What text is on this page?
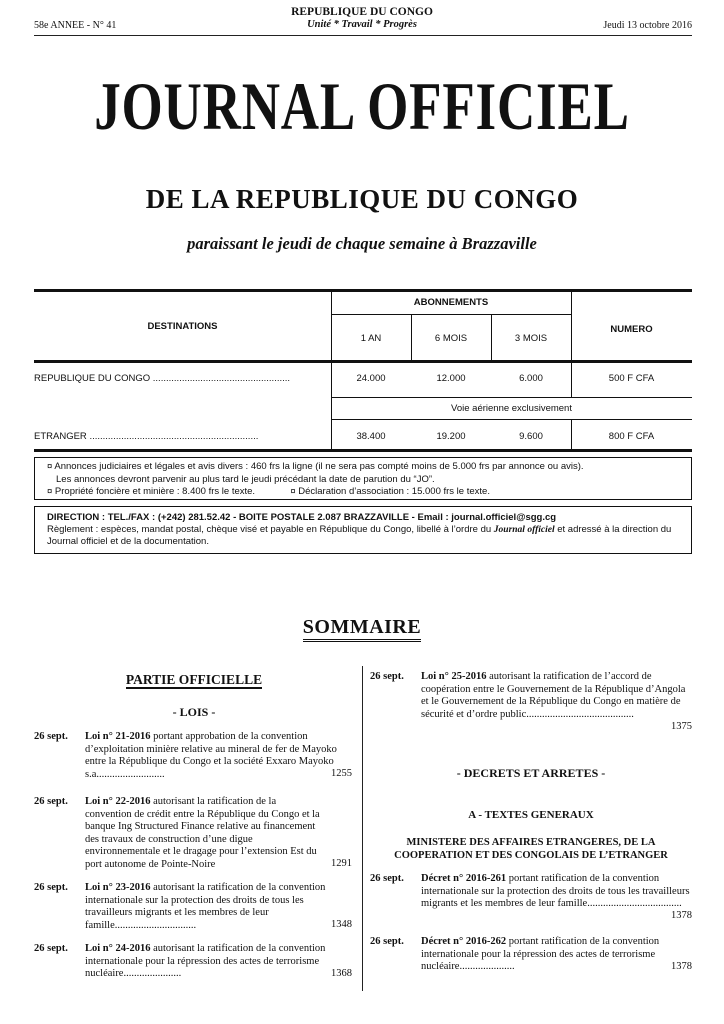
58e ANNEE - N° 41
REPUBLIQUE DU CONGO
Unité * Travail * Progrès	Jeudi 13 octobre 2016
JOURNAL OFFICIEL
DE LA REPUBLIQUE DU CONGO
paraissant le jeudi de chaque semaine à Brazzaville
DESTINATIONS
ABONNEMENTS
1 AN	6 MOIS	3 MOIS
NUMERO
REPUBLIQUE DU CONGO ....................................................	24.000	12.000	6.000	500 F CFA
Voie aérienne exclusivement
ETRANGER ................................................................	38.400	19.200	9.600	800 F CFA
¤ Annonces judiciaires et légales et avis divers : 460 frs la ligne (il ne sera pas compté moins de 5.000 frs par annonce ou avis).
Les annonces devront parvenir au plus tard le jeudi précédant la date de parution du “JO”.
¤ Propriété foncière et minière : 8.400 frs le texte.	¤ Déclaration d’association : 15.000 frs le texte.
DIRECTION : TEL./FAX : (+242) 281.52.42 - BOITE POSTALE 2.087 BRAZZAVILLE - Email : journal.officiel@sgg.cg
Règlement : espèces, mandat postal, chèque visé et payable en République du Congo, libellé à l’ordre du Journal officiel et adressé à la direction du Journal officiel et de la documentation.
SOMMAIRE
PARTIE OFFICIELLE
- LOIS -
26 sept. Loi n° 21-2016 portant approbation de la convention d’exploitation minière relative au mineral de fer de Mayoko entre la République du Congo et la société Exxaro Mayoko s.a..........................	1255
26 sept. Loi n° 22-2016 autorisant la ratification de la convention de crédit entre la République du Congo et la banque Ing Structured Finance relative au financement des travaux de construction d’une digue environnementale et le dragage pour l’extension Est du port autonome de Pointe-Noire	1291
26 sept. Loi n° 23-2016 autorisant la ratification de la convention internationale sur la protection des droits de tous les travailleurs migrants et les membres de leur famille...............................	1348
26 sept. Loi n° 24-2016 autorisant la ratification de la convention internationale pour la répression des actes de terrorisme nucléaire......................	1368
26 sept. Loi n° 25-2016 autorisant la ratification de l’accord de coopération entre le Gouvernement de la République d’Angola et le Gouvernement de la République du Congo en matière de sécurité et d’ordre public.........................................
1375
- DECRETS ET ARRETES -
A - TEXTES GENERAUX
MINISTERE DES AFFAIRES ETRANGERES, DE LA COOPERATION ET DES CONGOLAIS DE L’ETRANGER
26 sept. Décret n° 2016-261 portant ratification de la convention internationale sur la protection des droits de tous les travailleurs migrants et les membres de leur famille....................................
1378
26 sept. Décret n° 2016-262 portant ratification de la convention internationale pour la répression des actes de terrorisme nucléaire.....................	1378
